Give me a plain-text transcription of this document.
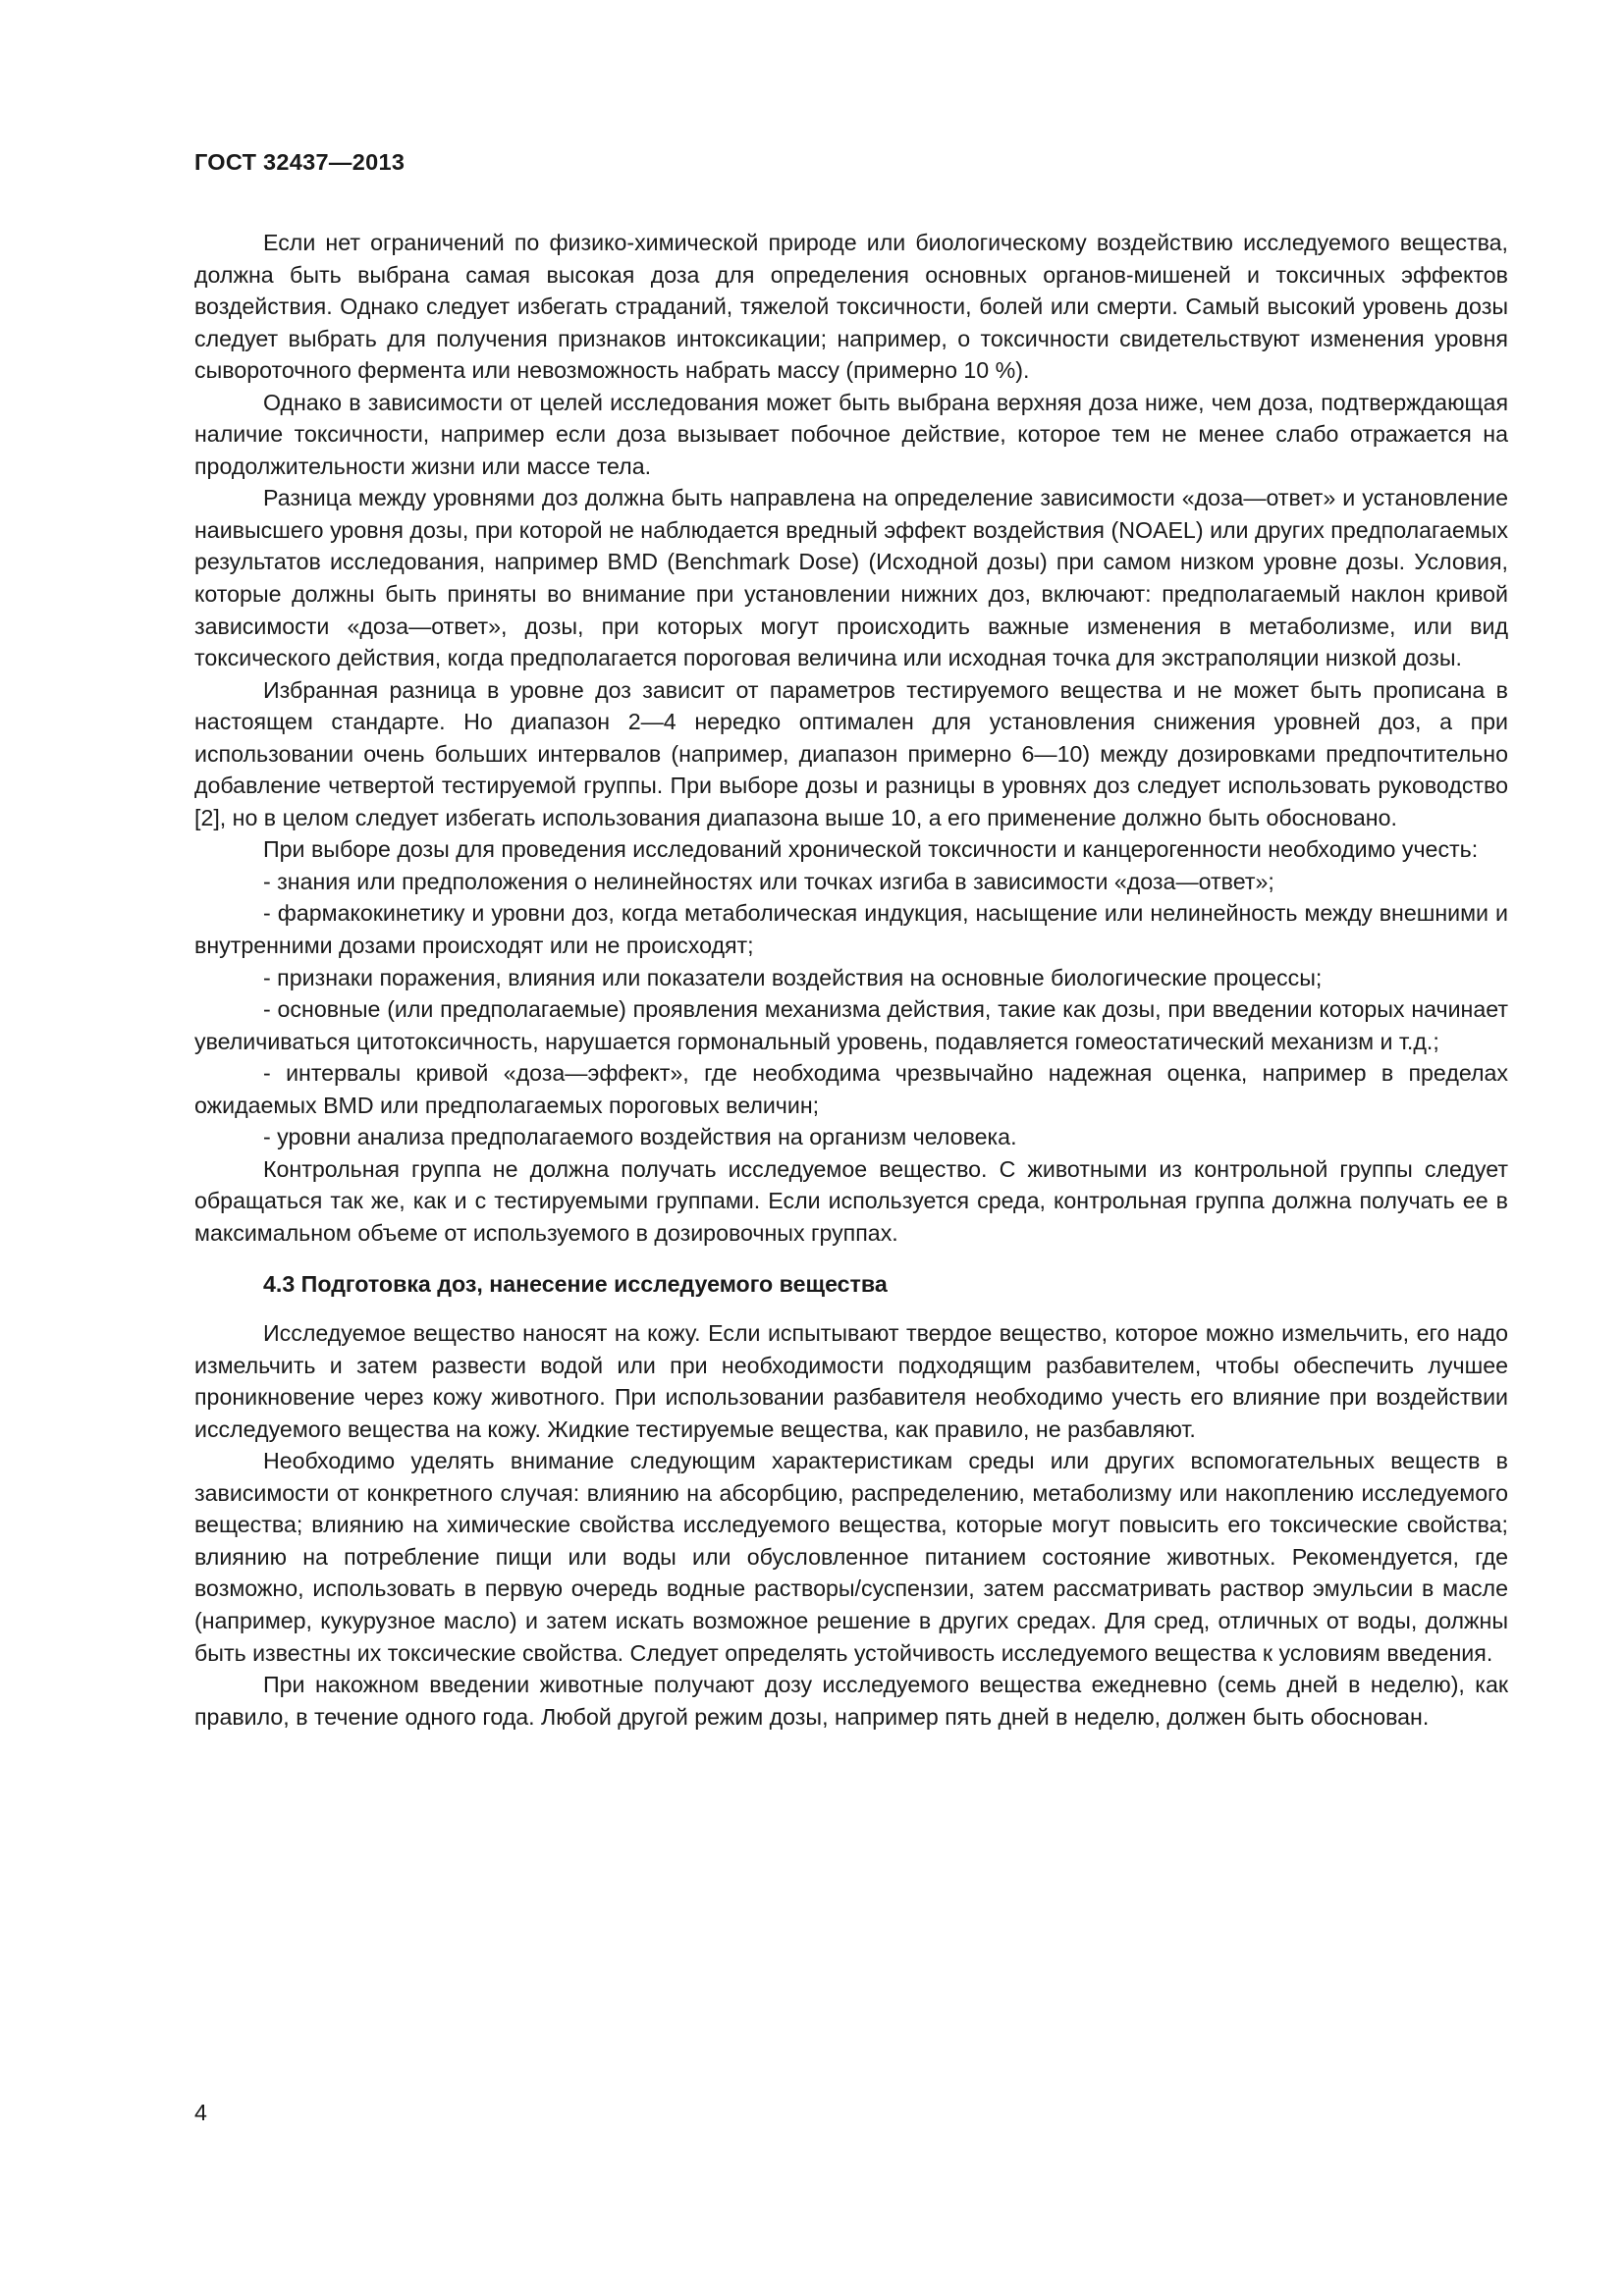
ГОСТ 32437—2013

Если нет ограничений по физико-химической природе или биологическому воздействию исследуемого вещества, должна быть выбрана самая высокая доза для определения основных органов-мишеней и токсичных эффектов воздействия. Однако следует избегать страданий, тяжелой токсичности, болей или смерти. Самый высокий уровень дозы следует выбрать для получения признаков интоксикации; например, о токсичности свидетельствуют изменения уровня сывороточного фермента или невозможность набрать массу (примерно 10 %).

Однако в зависимости от целей исследования может быть выбрана верхняя доза ниже, чем доза, подтверждающая наличие токсичности, например если доза вызывает побочное действие, которое тем не менее слабо отражается на продолжительности жизни или массе тела.

Разница между уровнями доз должна быть направлена на определение зависимости «доза—ответ» и установление наивысшего уровня дозы, при которой не наблюдается вредный эффект воздействия (NOAEL) или других предполагаемых результатов исследования, например BMD (Benchmark Dose) (Исходной дозы) при самом низком уровне дозы. Условия, которые должны быть приняты во внимание при установлении нижних доз, включают: предполагаемый наклон кривой зависимости «доза—ответ», дозы, при которых могут происходить важные изменения в метаболизме, или вид токсического действия, когда предполагается пороговая величина или исходная точка для экстраполяции низкой дозы.

Избранная разница в уровне доз зависит от параметров тестируемого вещества и не может быть прописана в настоящем стандарте. Но диапазон 2—4 нередко оптимален для установления снижения уровней доз, а при использовании очень больших интервалов (например, диапазон примерно 6—10) между дозировками предпочтительно добавление четвертой тестируемой группы. При выборе дозы и разницы в уровнях доз следует использовать руководство [2], но в целом следует избегать использования диапазона выше 10, а его применение должно быть обосновано.

При выборе дозы для проведения исследований хронической токсичности и канцерогенности необходимо учесть:

- знания или предположения о нелинейностях или точках изгиба в зависимости «доза—ответ»;

- фармакокинетику и уровни доз, когда метаболическая индукция, насыщение или нелинейность между внешними и внутренними дозами происходят или не происходят;

- признаки поражения, влияния или показатели воздействия на основные биологические процессы;

- основные (или предполагаемые) проявления механизма действия, такие как дозы, при введении которых начинает увеличиваться цитотоксичность, нарушается гормональный уровень, подавляется гомеостатический механизм и т.д.;

- интервалы кривой «доза—эффект», где необходима чрезвычайно надежная оценка, например в пределах ожидаемых BMD или предполагаемых пороговых величин;

- уровни анализа предполагаемого воздействия на организм человека.

Контрольная группа не должна получать исследуемое вещество. С животными из контрольной группы следует обращаться так же, как и с тестируемыми группами. Если используется среда, контрольная группа должна получать ее в максимальном объеме от используемого в дозировочных группах.

4.3 Подготовка доз, нанесение исследуемого вещества

Исследуемое вещество наносят на кожу. Если испытывают твердое вещество, которое можно измельчить, его надо измельчить и затем развести водой или при необходимости подходящим разбавителем, чтобы обеспечить лучшее проникновение через кожу животного. При использовании разбавителя необходимо учесть его влияние при воздействии исследуемого вещества на кожу. Жидкие тестируемые вещества, как правило, не разбавляют.

Необходимо уделять внимание следующим характеристикам среды или других вспомогательных веществ в зависимости от конкретного случая: влиянию на абсорбцию, распределению, метаболизму или накоплению исследуемого вещества; влиянию на химические свойства исследуемого вещества, которые могут повысить его токсические свойства; влиянию на потребление пищи или воды или обусловленное питанием состояние животных. Рекомендуется, где возможно, использовать в первую очередь водные растворы/суспензии, затем рассматривать раствор эмульсии в масле (например, кукурузное масло) и затем искать возможное решение в других средах. Для сред, отличных от воды, должны быть известны их токсические свойства. Следует определять устойчивость исследуемого вещества к условиям введения.

При накожном введении животные получают дозу исследуемого вещества ежедневно (семь дней в неделю), как правило, в течение одного года. Любой другой режим дозы, например пять дней в неделю, должен быть обоснован.

4
